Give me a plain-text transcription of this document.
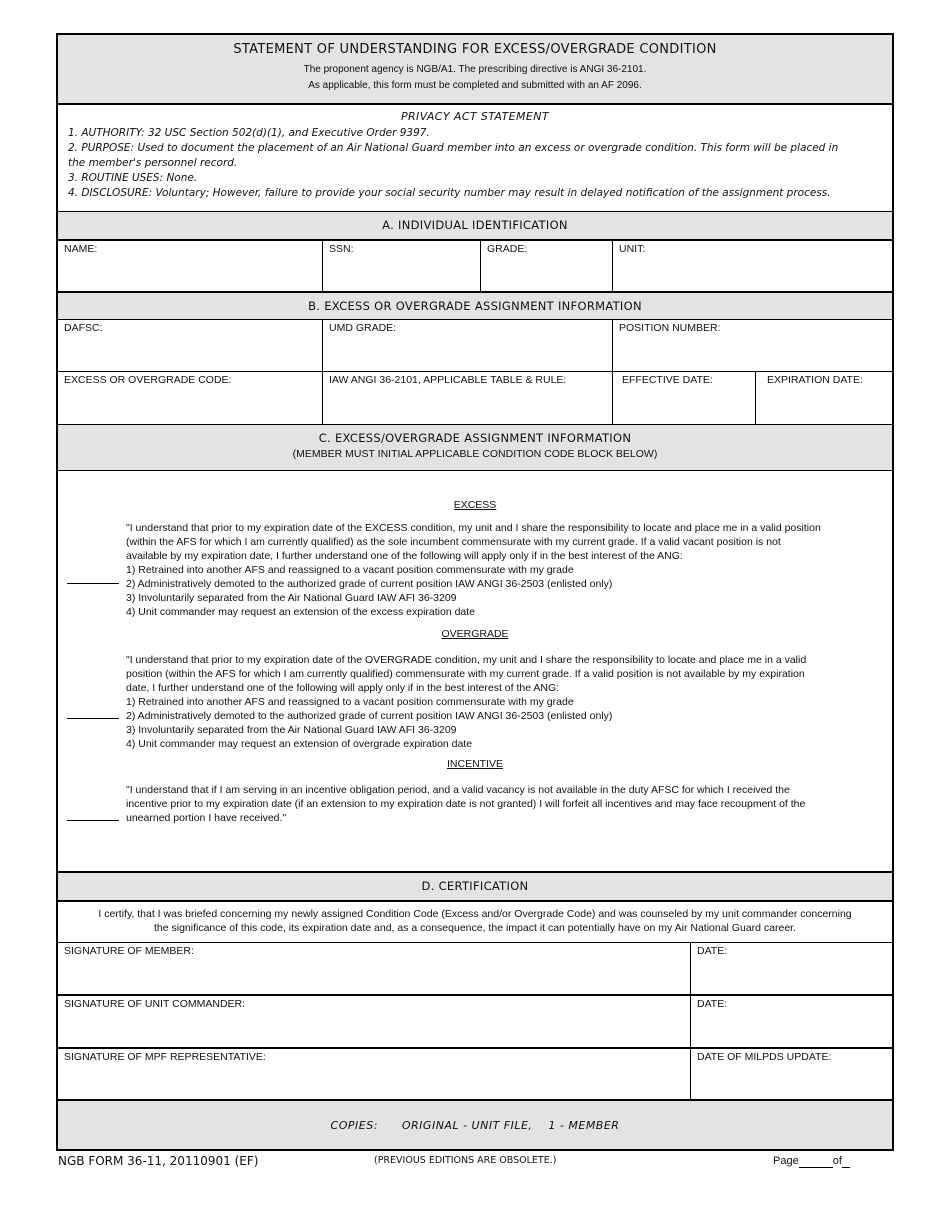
STATEMENT OF UNDERSTANDING FOR EXCESS/OVERGRADE CONDITION
The proponent agency is NGB/A1. The prescribing directive is ANGI 36-2101.
As applicable, this form must be completed and submitted with an AF 2096.
PRIVACY ACT STATEMENT
1. AUTHORITY: 32 USC Section 502(d)(1), and Executive Order 9397.
2. PURPOSE: Used to document the placement of an Air National Guard member into an excess or overgrade condition. This form will be placed in the member's personnel record.
3. ROUTINE USES: None.
4. DISCLOSURE: Voluntary; However, failure to provide your social security number may result in delayed notification of the assignment process.
A. INDIVIDUAL IDENTIFICATION
NAME:	SSN:	GRADE:	UNIT:
B. EXCESS OR OVERGRADE ASSIGNMENT INFORMATION
DAFSC:	UMD GRADE:	POSITION NUMBER:
EXCESS OR OVERGRADE CODE:	IAW ANGI 36-2101, APPLICABLE TABLE & RULE:	EFFECTIVE DATE:	EXPIRATION DATE:
C. EXCESS/OVERGRADE ASSIGNMENT INFORMATION
(MEMBER MUST INITIAL APPLICABLE CONDITION CODE BLOCK BELOW)
EXCESS
"I understand that prior to my expiration date of the EXCESS condition, my unit and I share the responsibility to locate and place me in a valid position
(within the AFS for which I am currently qualified) as the sole incumbent commensurate with my current grade. If a valid vacant position is not
available by my expiration date, I further understand one of the following will apply only if in the best interest of the ANG:
1) Retrained into another AFS and reassigned to a vacant position commensurate with my grade
2) Administratively demoted to the authorized grade of current position IAW ANGI 36-2503 (enlisted only)
3) Involuntarily separated from the Air National Guard IAW AFI 36-3209
4) Unit commander may request an extension of the excess expiration date
OVERGRADE
"I understand that prior to my expiration date of the OVERGRADE condition, my unit and I share the responsibility to locate and place me in a valid
position (within the AFS for which I am currently qualified) commensurate with my current grade. If a valid position is not available by my expiration
date, I further understand one of the following will apply only if in the best interest of the ANG:
1) Retrained into another AFS and reassigned to a vacant position commensurate with my grade
2) Administratively demoted to the authorized grade of current position IAW ANGI 36-2503 (enlisted only)
3) Involuntarily separated from the Air National Guard IAW AFI 36-3209
4) Unit commander may request an extension of overgrade expiration date
INCENTIVE
"I understand that if I am serving in an incentive obligation period, and a valid vacancy is not available in the duty AFSC for which I received the
incentive prior to my expiration date (if an extension to my expiration date is not granted) I will forfeit all incentives and may face recoupment of the
unearned portion I have received."
D. CERTIFICATION
I certify, that I was briefed concerning my newly assigned Condition Code (Excess and/or Overgrade Code) and was counseled by my unit commander concerning
the significance of this code, its expiration date and, as a consequence, the impact it can potentially have on my Air National Guard career.
SIGNATURE OF MEMBER:	DATE:
SIGNATURE OF UNIT COMMANDER:	DATE:
SIGNATURE OF MPF REPRESENTATIVE:	DATE OF MILPDS UPDATE:
COPIES:      ORIGINAL - UNIT FILE,    1 - MEMBER
NGB FORM 36-11, 20110901 (EF)	(PREVIOUS EDITIONS ARE OBSOLETE.)	Page	of
